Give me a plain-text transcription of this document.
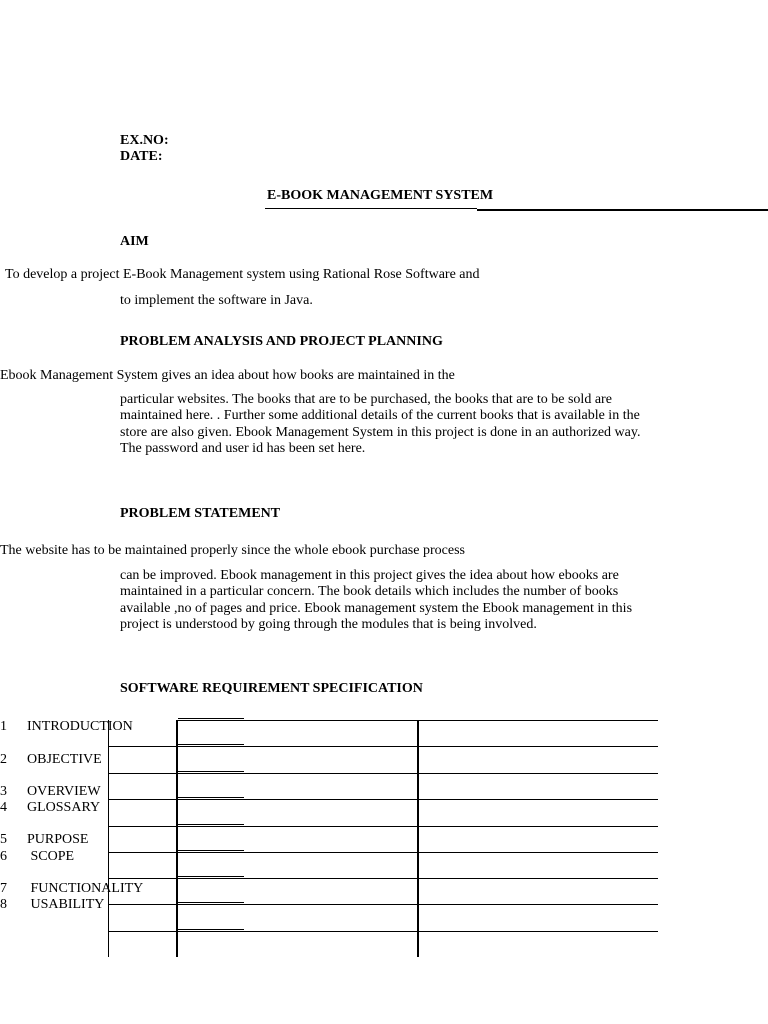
EX.NO:
DATE:
E-BOOK MANAGEMENT SYSTEM
AIM
To develop a project E-Book Management system using Rational Rose Software and
to implement the software in Java.
PROBLEM ANALYSIS AND PROJECT PLANNING
Ebook Management System gives an idea about how books are maintained in the
particular websites. The books that are to be purchased, the books that are to be sold are
maintained here. . Further some additional details of the current books that is available in the
store are also given. Ebook Management System in this project is done in an authorized way.
The password and user id has been set here.
PROBLEM STATEMENT
The website has to be maintained properly since the whole ebook purchase process
can be improved. Ebook management in this project gives the idea about how ebooks are
maintained in a particular concern. The book details which includes the number of books
available ,no of pages and price. Ebook management system the Ebook management in this
project is understood by going through the modules that is being involved.
SOFTWARE REQUIREMENT SPECIFICATION
1 INTRODUCTION
2 OBJECTIVE
3 OVERVIEW
4 GLOSSARY
5 PURPOSE
6 SCOPE
7 FUNCTIONALITY
8 USABILITY
